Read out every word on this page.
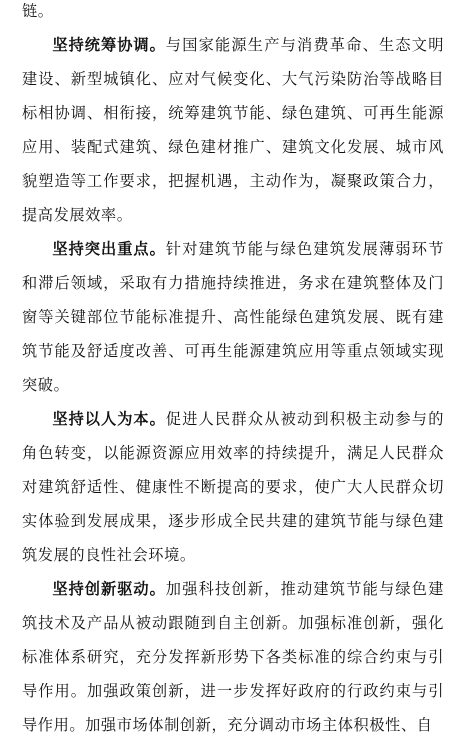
链。

坚持统筹协调。与国家能源生产与消费革命、生态文明建设、新型城镇化、应对气候变化、大气污染防治等战略目标相协调、相衔接，统筹建筑节能、绿色建筑、可再生能源应用、装配式建筑、绿色建材推广、建筑文化发展、城市风貌塑造等工作要求，把握机遇，主动作为，凝聚政策合力，提高发展效率。

坚持突出重点。针对建筑节能与绿色建筑发展薄弱环节和滞后领域，采取有力措施持续推进，务求在建筑整体及门窗等关键部位节能标准提升、高性能绿色建筑发展、既有建筑节能及舒适度改善、可再生能源建筑应用等重点领域实现突破。

坚持以人为本。促进人民群众从被动到积极主动参与的角色转变，以能源资源应用效率的持续提升，满足人民群众对建筑舒适性、健康性不断提高的要求，使广大人民群众切实体验到发展成果，逐步形成全民共建的建筑节能与绿色建筑发展的良性社会环境。

坚持创新驱动。加强科技创新，推动建筑节能与绿色建筑技术及产品从被动跟随到自主创新。加强标准创新，强化标准体系研究，充分发挥新形势下各类标准的综合约束与引导作用。加强政策创新，进一步发挥好政府的行政约束与引导作用。加强市场体制创新，充分调动市场主体积极性、自
